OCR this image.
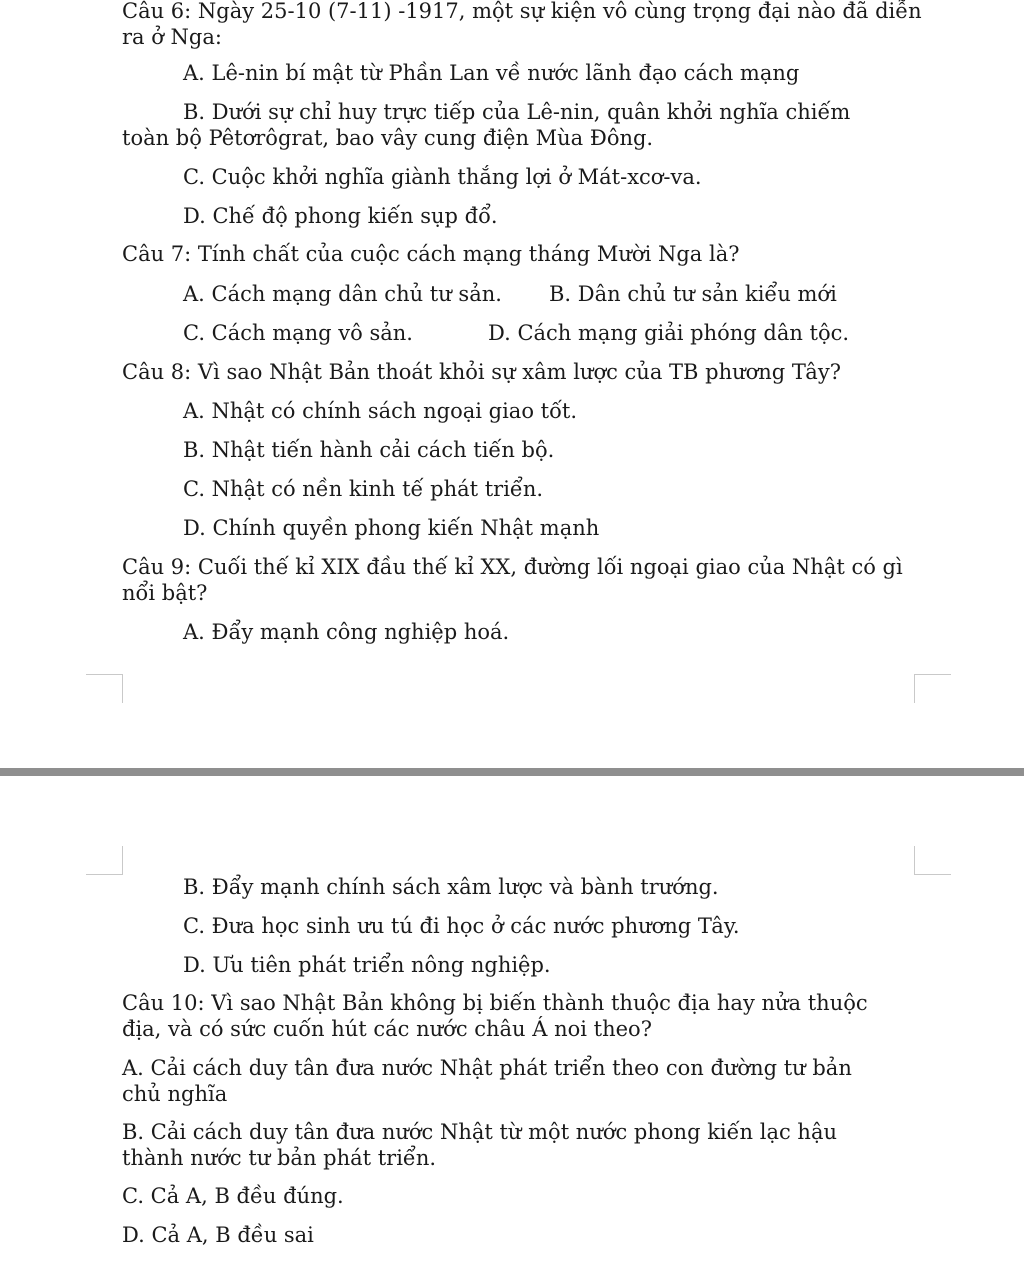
Câu 6: Ngày 25-10 (7-11) -1917, một sự kiện vô cùng trọng đại nào đã diễn ra ở Nga:
A. Lê-nin bí mật từ Phần Lan về nước lãnh đạo cách mạng
B. Dưới sự chỉ huy trực tiếp của Lê-nin, quân khởi nghĩa chiếm toàn bộ Pêtơrôgrat, bao vây cung điện Mùa Đông.
C. Cuộc khởi nghĩa giành thắng lợi ở Mát-xcơ-va.
D. Chế độ phong kiến sụp đổ.
Câu 7: Tính chất của cuộc cách mạng tháng Mười Nga là?
A. Cách mạng dân chủ tư sản. B. Dân chủ tư sản kiểu mới
C. Cách mạng vô sản.	D. Cách mạng giải phóng dân tộc.
Câu 8: Vì sao Nhật Bản thoát khỏi sự xâm lược của TB phương Tây?
A. Nhật có chính sách ngoại giao tốt.
B. Nhật tiến hành cải cách tiến bộ.
C. Nhật có nền kinh tế phát triển.
D. Chính quyền phong kiến Nhật mạnh
Câu 9: Cuối thế kỉ XIX đầu thế kỉ XX, đường lối ngoại giao của Nhật có gì nổi bật?
A. Đẩy mạnh công nghiệp hoá.
B. Đẩy mạnh chính sách xâm lược và bành trướng.
C. Đưa học sinh ưu tú đi học ở các nước phương Tây.
D. Ưu tiên phát triển nông nghiệp.
Câu 10: Vì sao Nhật Bản không bị biến thành thuộc địa hay nửa thuộc địa, và có sức cuốn hút các nước châu Á noi theo?
A. Cải cách duy tân đưa nước Nhật phát triển theo con đường tư bản chủ nghĩa
B. Cải cách duy tân đưa nước Nhật từ một nước phong kiến lạc hậu thành nước tư bản phát triển.
C. Cả A, B đều đúng.
D. Cả A, B đều sai
